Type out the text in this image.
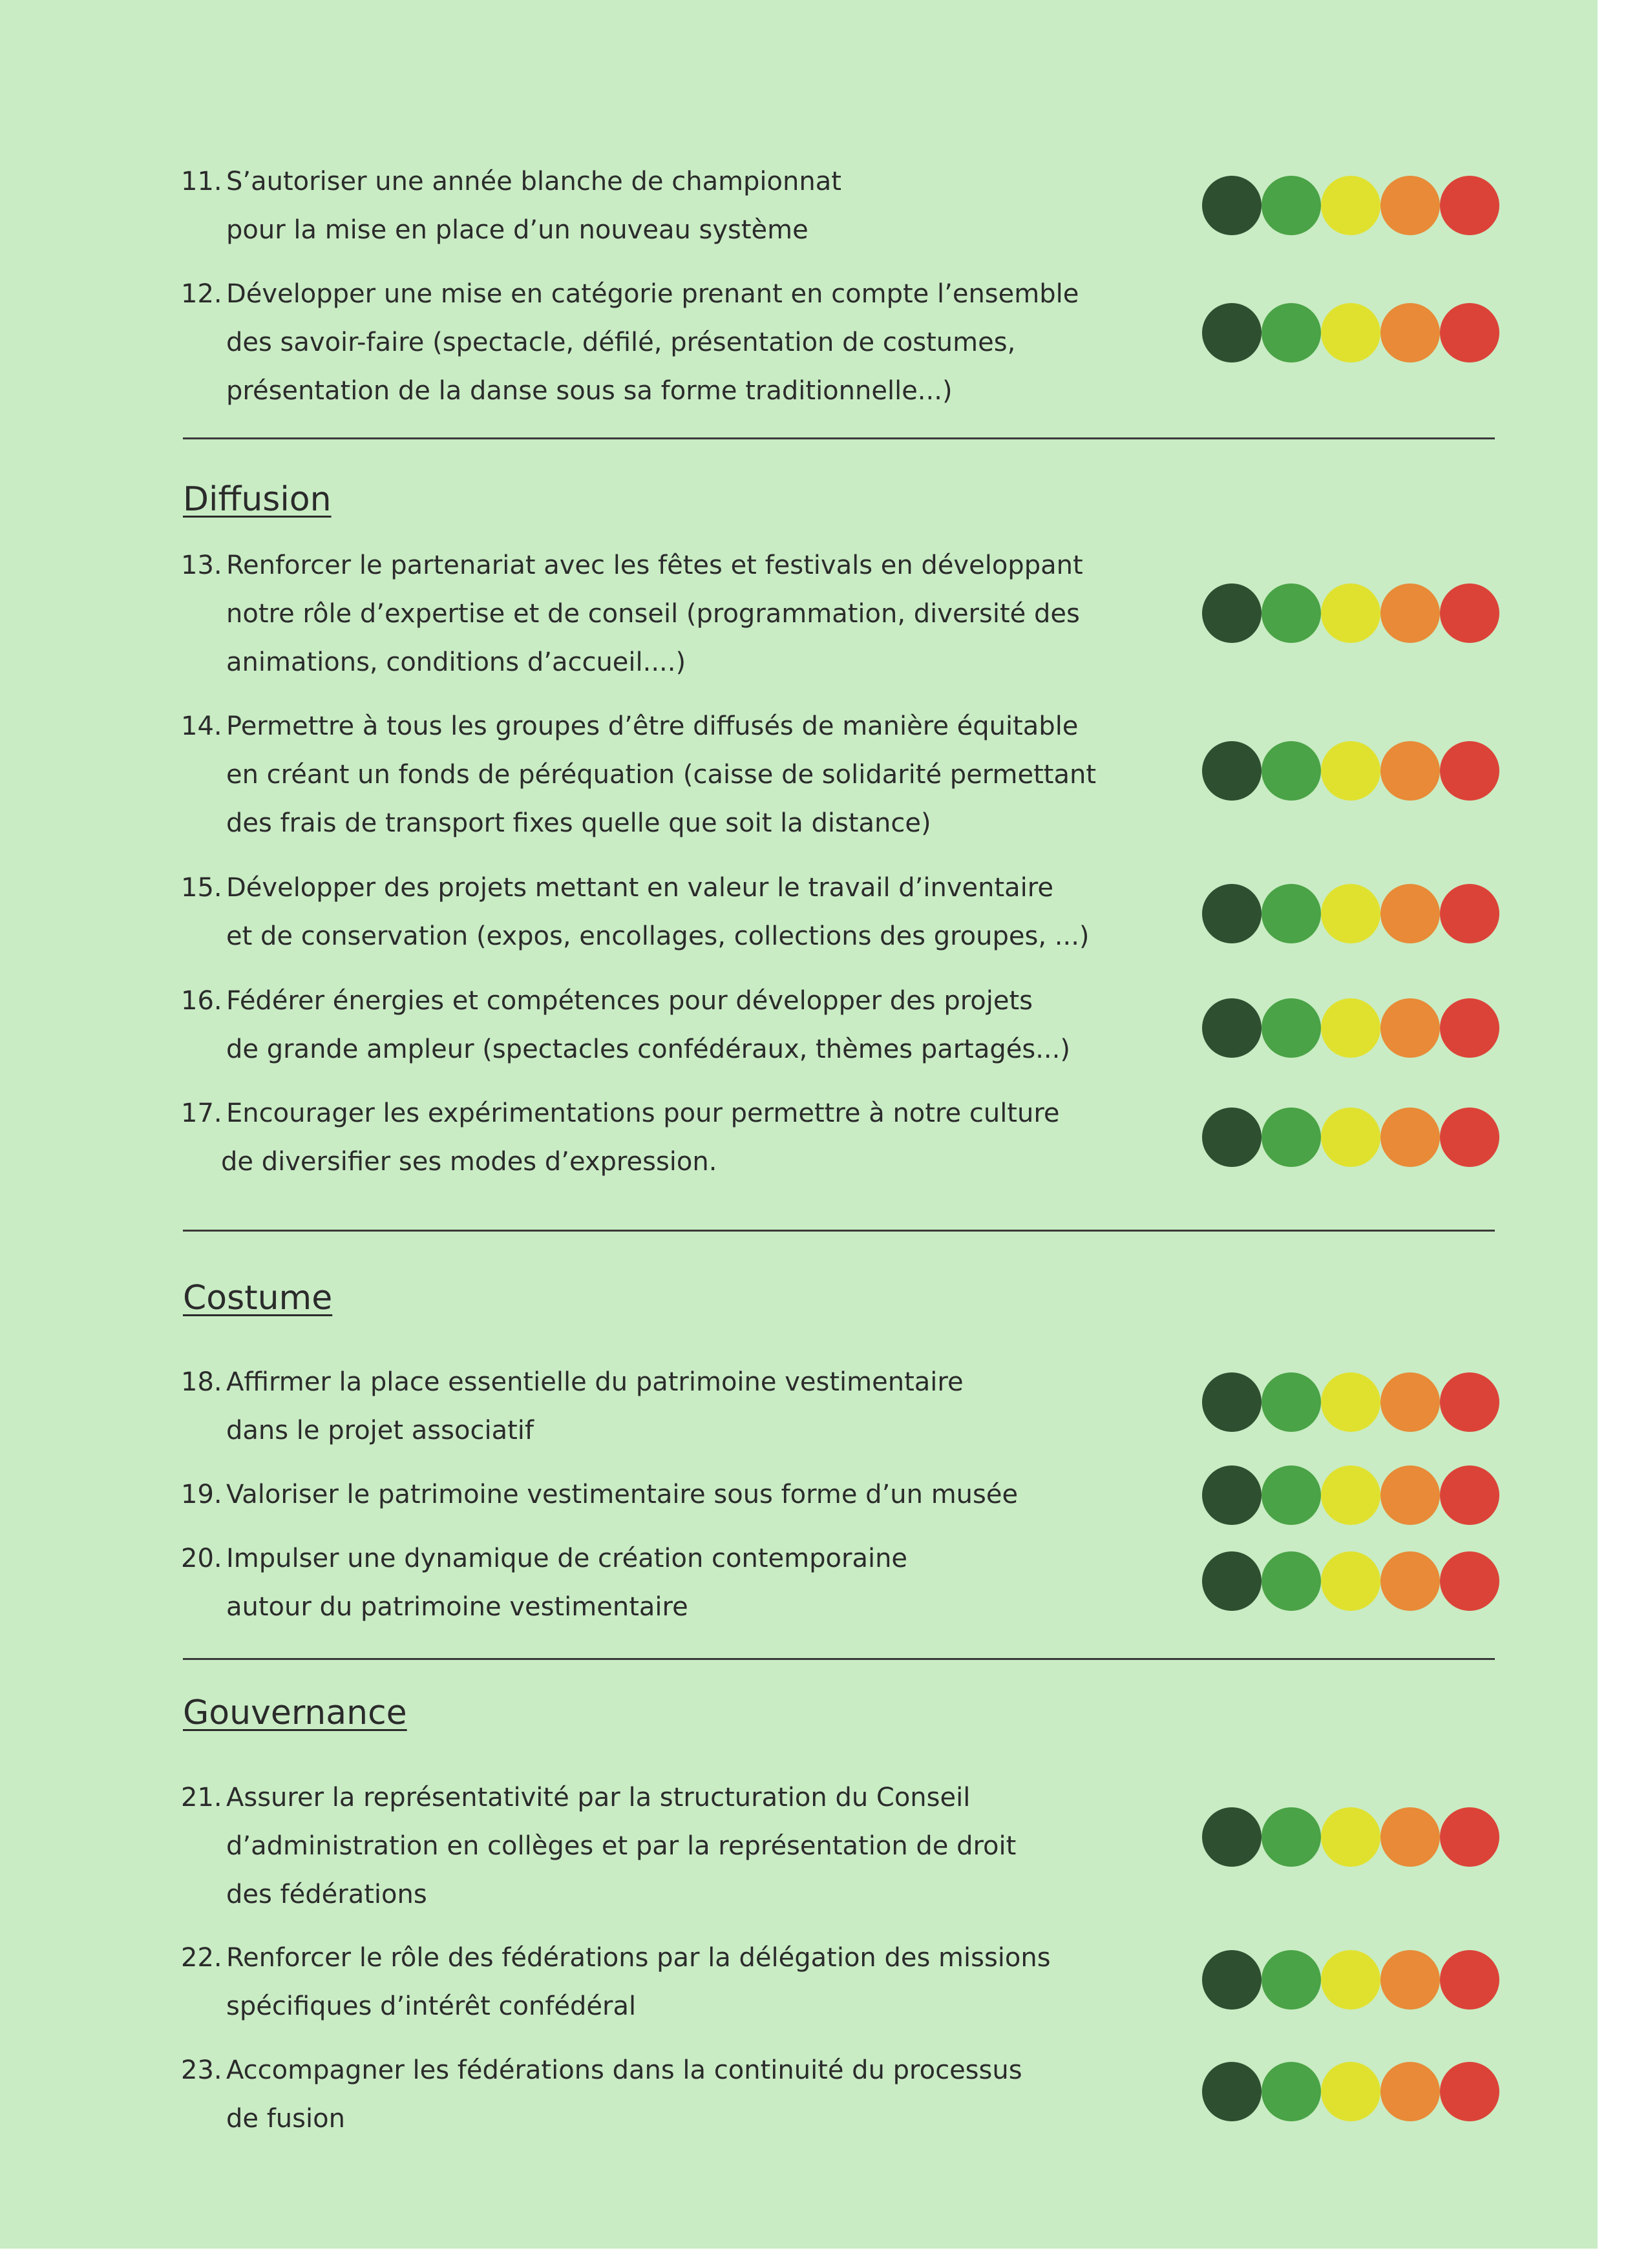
11. S’autoriser une année blanche de championnat
pour la mise en place d’un nouveau système
12. Développer une mise en catégorie prenant en compte l’ensemble
des savoir-faire (spectacle, défilé, présentation de costumes,
présentation de la danse sous sa forme traditionnelle...)
Diffusion
13. Renforcer le partenariat avec les fêtes et festivals en développant
notre rôle d’expertise et de conseil (programmation, diversité des
animations, conditions d’accueil....)
14. Permettre à tous les groupes d’être diffusés de manière équitable
en créant un fonds de péréquation (caisse de solidarité permettant
des frais de transport fixes quelle que soit la distance)
15. Développer des projets mettant en valeur le travail d’inventaire
et de conservation (expos, encollages, collections des groupes, ...)
16. Fédérer énergies et compétences pour développer des projets
de grande ampleur (spectacles confédéraux, thèmes partagés...)
17. Encourager les expérimentations pour permettre à notre culture
de diversifier ses modes d’expression.
Costume
18. Affirmer la place essentielle du patrimoine vestimentaire
dans le projet associatif
19. Valoriser le patrimoine vestimentaire sous forme d’un musée
20. Impulser une dynamique de création contemporaine
autour du patrimoine vestimentaire
Gouvernance
21. Assurer la représentativité par la structuration du Conseil
d’administration en collèges et par la représentation de droit
des fédérations
22. Renforcer le rôle des fédérations par la délégation des missions
spécifiques d’intérêt confédéral
23. Accompagner les fédérations dans la continuité du processus
de fusion
